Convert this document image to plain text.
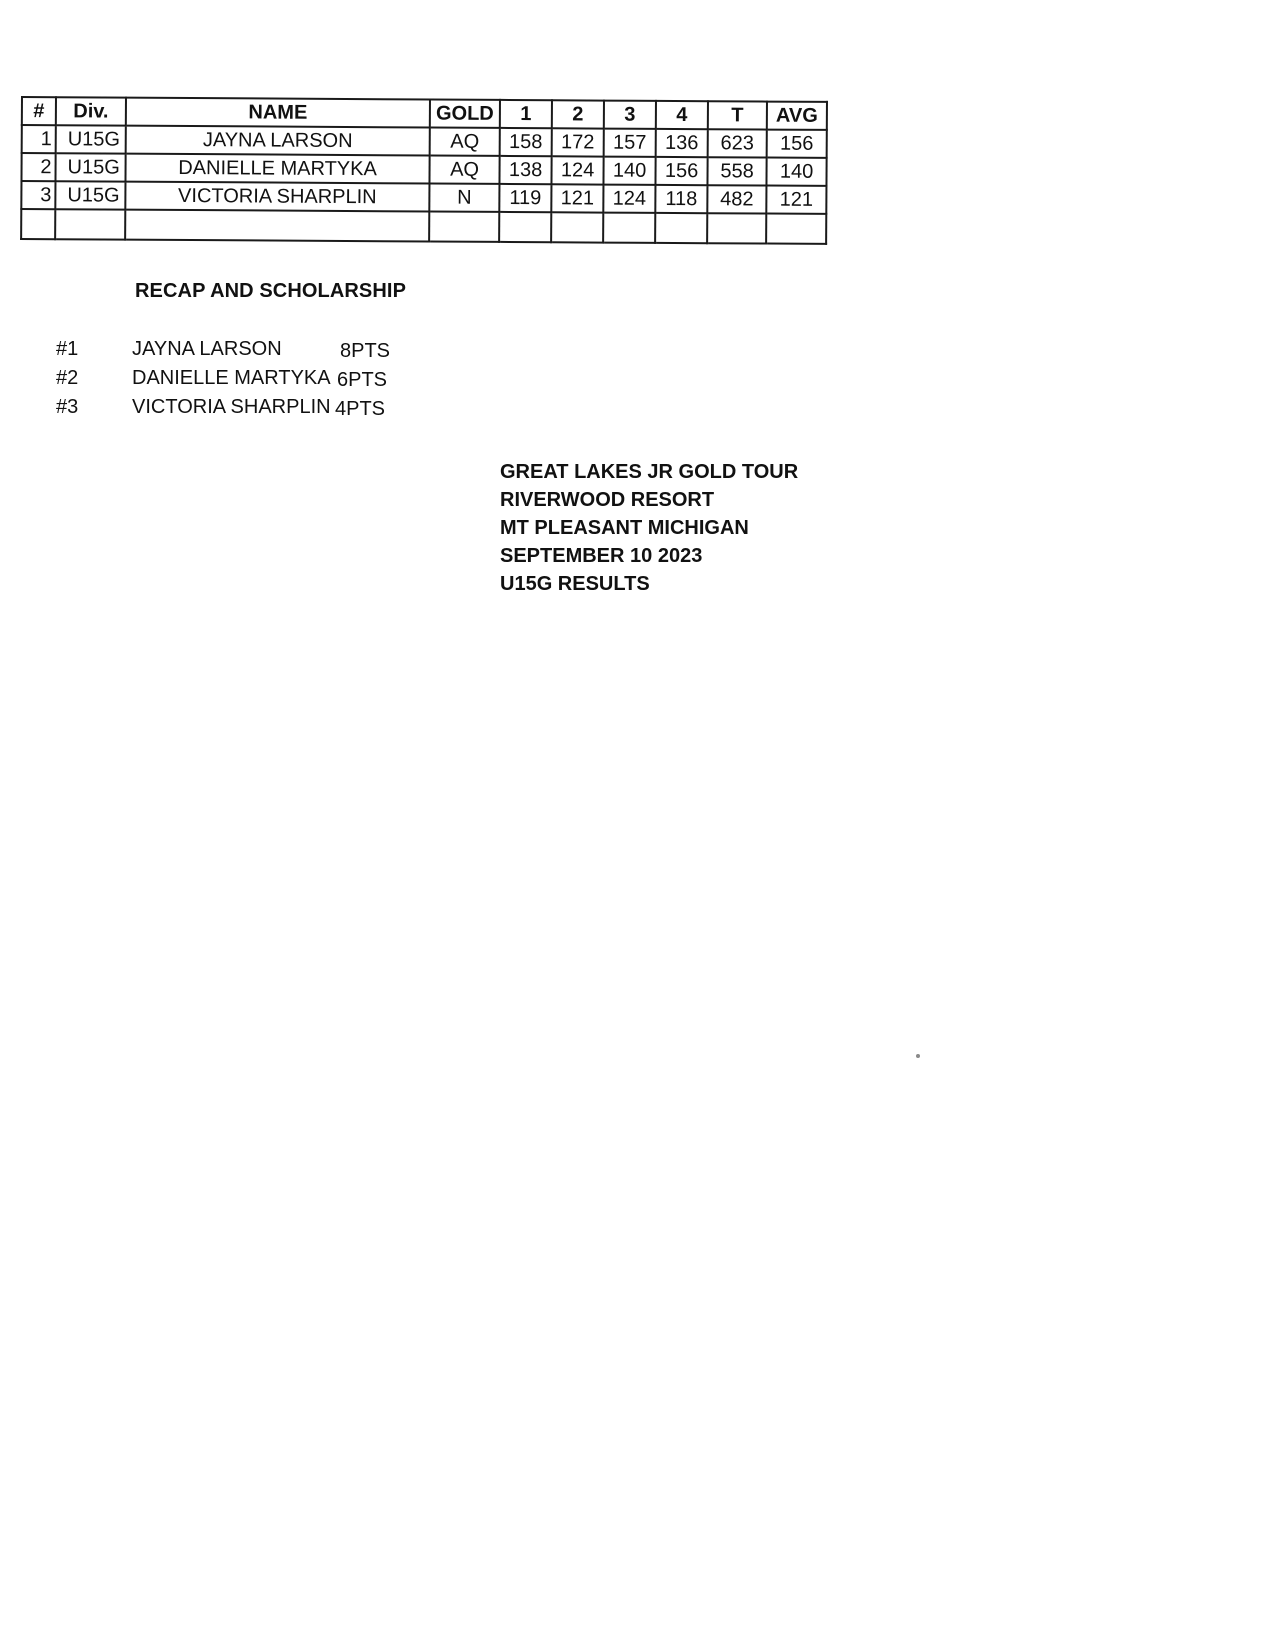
#	Div.	NAME	GOLD	1	2	3	4	T	AVG
1	U15G	JAYNA LARSON	AQ	158	172	157	136	623	156
2	U15G	DANIELLE MARTYKA	AQ	138	124	140	156	558	140
3	U15G	VICTORIA SHARPLIN	N	119	121	124	118	482	121

RECAP AND SCHOLARSHIP
#1	JAYNA LARSON	8PTS
#2	DANIELLE MARTYKA 6PTS
#3	VICTORIA SHARPLIN 4PTS
GREAT LAKES JR GOLD TOUR
RIVERWOOD RESORT
MT PLEASANT MICHIGAN
SEPTEMBER 10 2023
U15G RESULTS
